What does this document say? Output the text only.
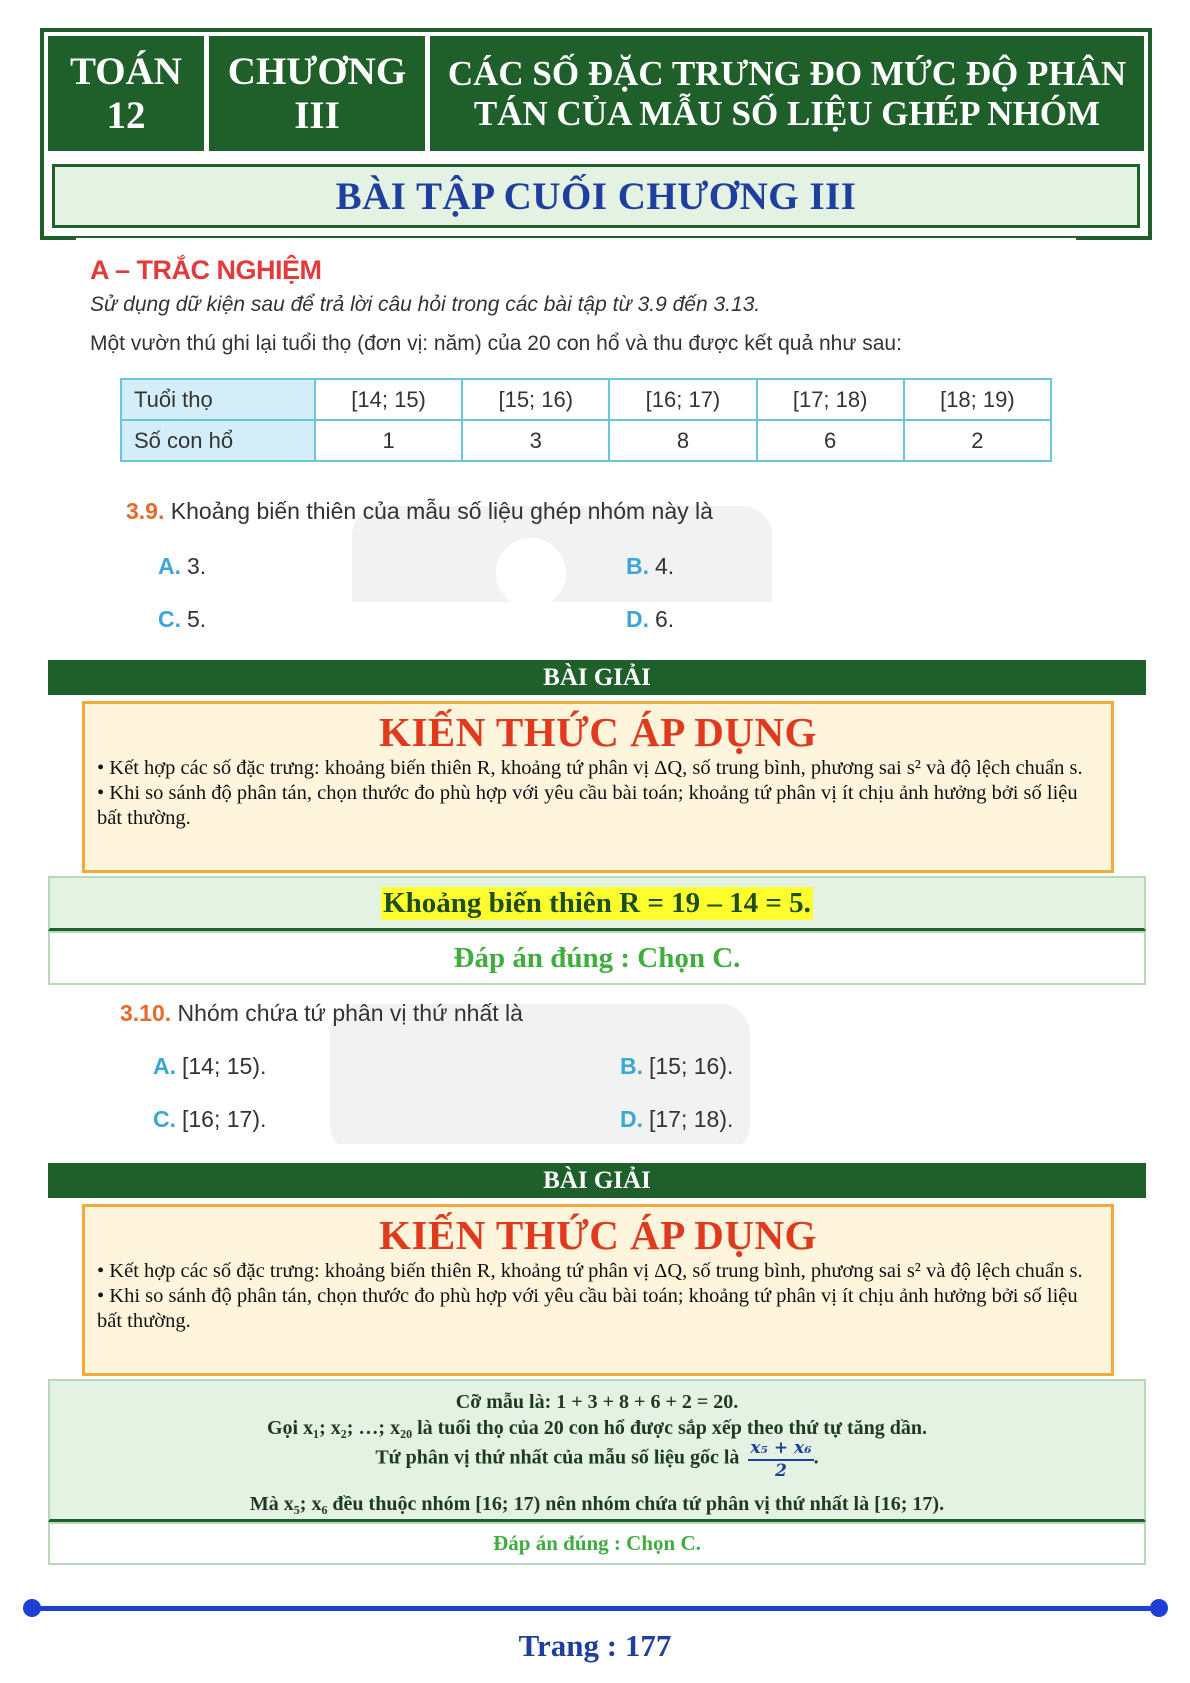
TOÁN
12
CHƯƠNG
III
CÁC SỐ ĐẶC TRƯNG ĐO MỨC ĐỘ PHÂN
TÁN CỦA MẪU SỐ LIỆU GHÉP NHÓM
BÀI TẬP CUỐI CHƯƠNG III
A – TRẮC NGHIỆM
Sử dụng dữ kiện sau để trả lời câu hỏi trong các bài tập từ 3.9 đến 3.13.
Một vườn thú ghi lại tuổi thọ (đơn vị: năm) của 20 con hổ và thu được kết quả như sau:
Tuổi thọ	[14; 15)	[15; 16)	[16; 17)	[17; 18)	[18; 19)
Số con hổ	1	3	8	6	2
3.9. Khoảng biến thiên của mẫu số liệu ghép nhóm này là
A. 3.	B. 4.
C. 5.	D. 6.
BÀI GIẢI
KIẾN THỨC ÁP DỤNG

• Kết hợp các số đặc trưng: khoảng biến thiên R, khoảng tứ phân vị ΔQ, số trung bình, phương sai s² và độ lệch chuẩn s.

• Khi so sánh độ phân tán, chọn thước đo phù hợp với yêu cầu bài toán; khoảng tứ phân vị ít chịu ảnh hưởng bởi số liệu bất thường.

Khoảng biến thiên R = 19 – 14 = 5.
Đáp án đúng : Chọn C.
3.10. Nhóm chứa tứ phân vị thứ nhất là
A. [14; 15).	B. [15; 16).
C. [16; 17).	D. [17; 18).
BÀI GIẢI
KIẾN THỨC ÁP DỤNG

• Kết hợp các số đặc trưng: khoảng biến thiên R, khoảng tứ phân vị ΔQ, số trung bình, phương sai s² và độ lệch chuẩn s.

• Khi so sánh độ phân tán, chọn thước đo phù hợp với yêu cầu bài toán; khoảng tứ phân vị ít chịu ảnh hưởng bởi số liệu bất thường.

Cỡ mẫu là: 1 + 3 + 8 + 6 + 2 = 20.
Gọi x₁; x₂; …; x₂₀ là tuổi thọ của 20 con hổ được sắp xếp theo thứ tự tăng dần.
Tứ phân vị thứ nhất của mẫu số liệu gốc là $\frac{\text{x₅ + x₆}}{2}$ .
Mà x₅; x₆ đều thuộc nhóm [16; 17) nên nhóm chứa tứ phân vị thứ nhất là [16; 17).
Đáp án đúng : Chọn C.
Trang : 177
